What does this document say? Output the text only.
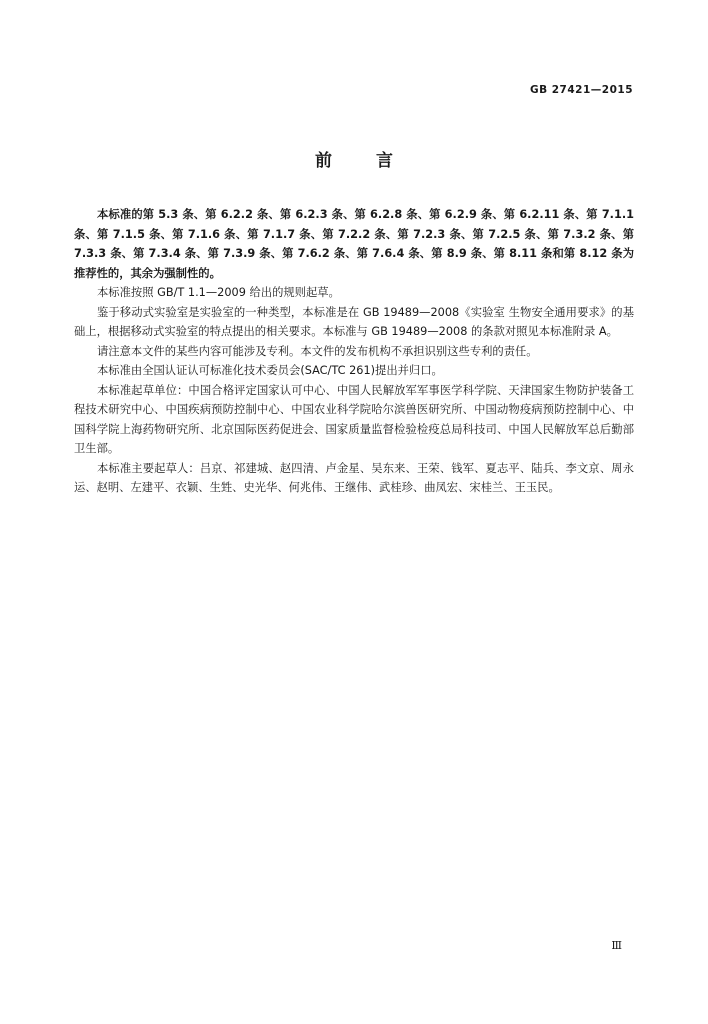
GB 27421—2015
前言

本标准的第 5.3 条、第 6.2.2 条、第 6.2.3 条、第 6.2.8 条、第 6.2.9 条、第 6.2.11 条、第 7.1.1 条、第 7.1.5 条、第 7.1.6 条、第 7.1.7 条、第 7.2.2 条、第 7.2.3 条、第 7.2.5 条、第 7.3.2 条、第 7.3.3 条、第 7.3.4 条、第 7.3.9 条、第 7.6.2 条、第 7.6.4 条、第 8.9 条、第 8.11 条和第 8.12 条为推荐性的，其余为强制性的。

本标准按照 GB/T 1.1—2009 给出的规则起草。

鉴于移动式实验室是实验室的一种类型，本标准是在 GB 19489—2008《实验室 生物安全通用要求》的基础上，根据移动式实验室的特点提出的相关要求。本标准与 GB 19489—2008 的条款对照见本标准附录 A。

请注意本文件的某些内容可能涉及专利。本文件的发布机构不承担识别这些专利的责任。

本标准由全国认证认可标准化技术委员会(SAC/TC 261)提出并归口。

本标准起草单位：中国合格评定国家认可中心、中国人民解放军军事医学科学院、天津国家生物防护装备工程技术研究中心、中国疾病预防控制中心、中国农业科学院哈尔滨兽医研究所、中国动物疫病预防控制中心、中国科学院上海药物研究所、北京国际医药促进会、国家质量监督检验检疫总局科技司、中国人民解放军总后勤部卫生部。

本标准主要起草人：吕京、祁建城、赵四清、卢金星、吴东来、王荣、钱军、夏志平、陆兵、李文京、周永运、赵明、左建平、衣颖、生甡、史光华、何兆伟、王继伟、武桂珍、曲凤宏、宋桂兰、王玉民。

Ⅲ
